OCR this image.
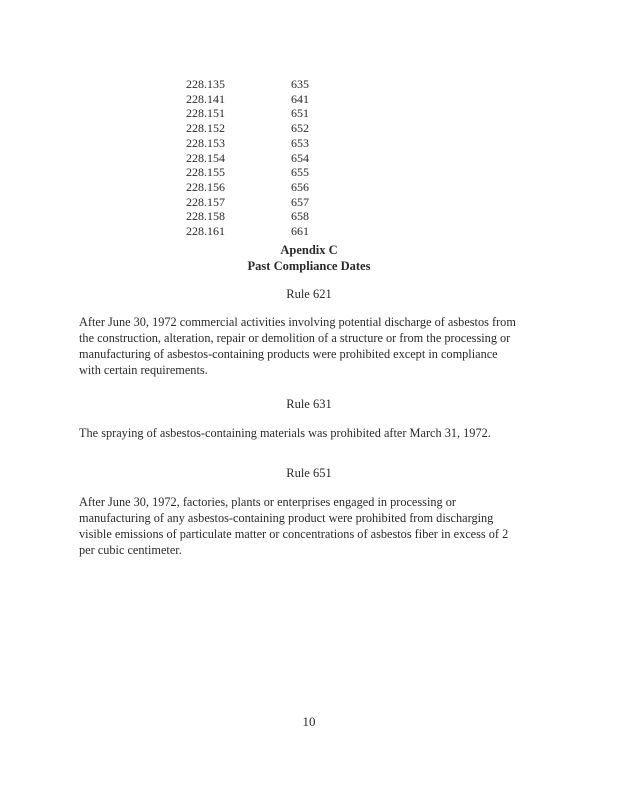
228.135	635
228.141	641
228.151	651
228.152	652
228.153	653
228.154	654
228.155	655
228.156	656
228.157	657
228.158	658
228.161	661
Apendix C
Past Compliance Dates
Rule 621
After June 30, 1972 commercial activities involving potential discharge of asbestos from the construction, alteration, repair or demolition of a structure or from the processing or manufacturing of asbestos-containing products were prohibited except in compliance with certain requirements.
Rule 631
The spraying of asbestos-containing materials was prohibited after March 31, 1972.
Rule 651
After June 30, 1972, factories, plants or enterprises engaged in processing or manufacturing of any asbestos-containing product were prohibited from discharging visible emissions of particulate matter or concentrations of asbestos fiber in excess of 2 per cubic centimeter.
10
